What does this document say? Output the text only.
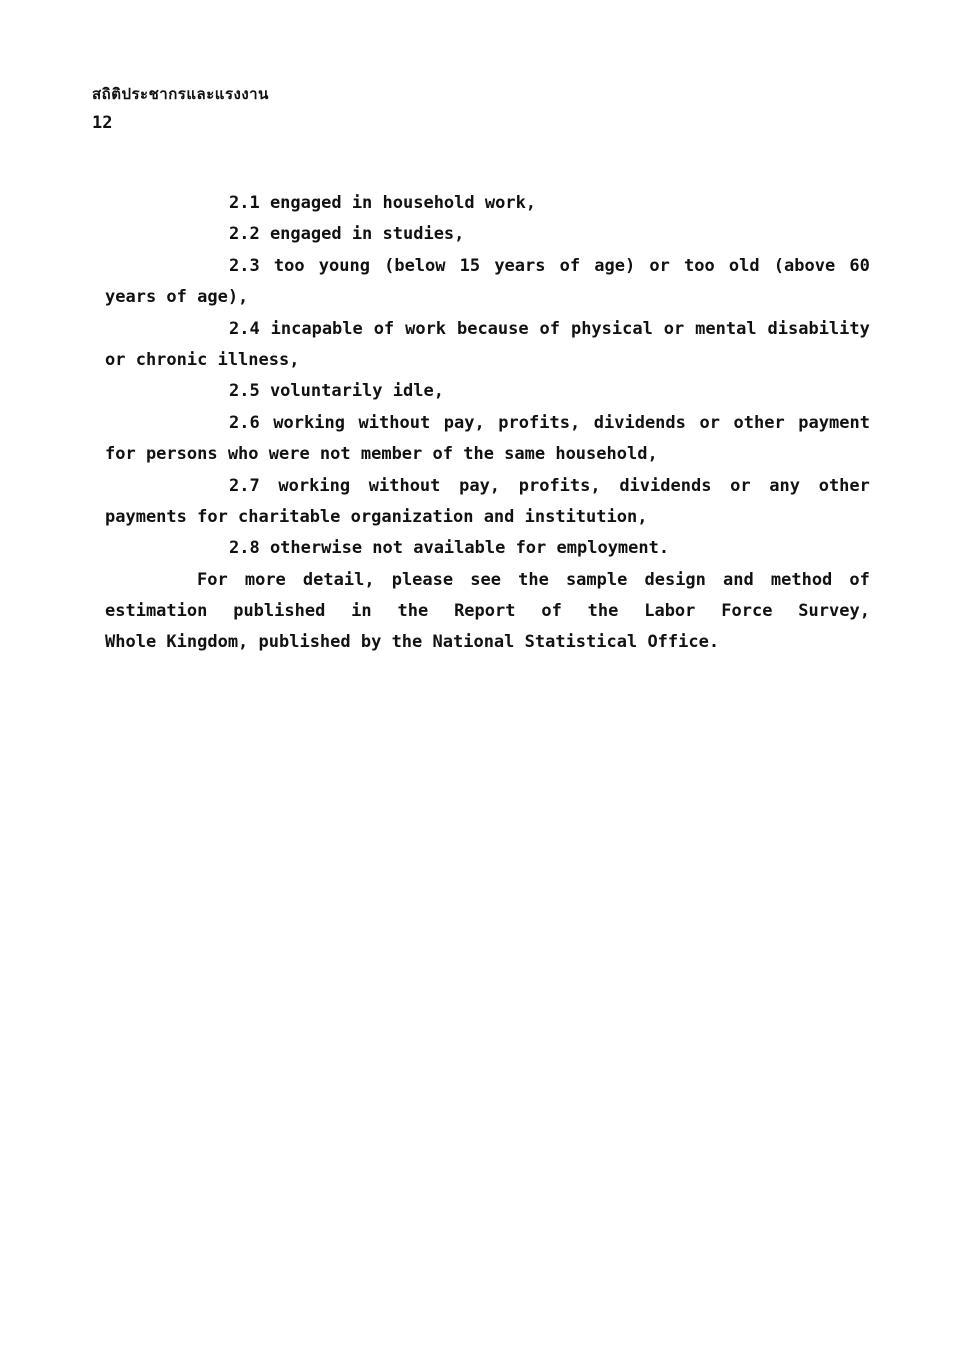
สถิติประชากรและแรงงาน
12
2.1 engaged in household work,
2.2 engaged in studies,
2.3 too young (below 15 years of age) or too old (above 60
years of age),
2.4 incapable of work because of physical or mental disability
or chronic illness,
2.5 voluntarily idle,
2.6 working without pay, profits, dividends or other payment
for persons who were not member of the same household,
2.7 working without pay, profits, dividends or any other
payments for charitable organization and institution,
2.8 otherwise not available for employment.
For more detail, please see the sample design and method of
estimation published in the Report of the Labor Force Survey,
Whole Kingdom, published by the National Statistical Office.
